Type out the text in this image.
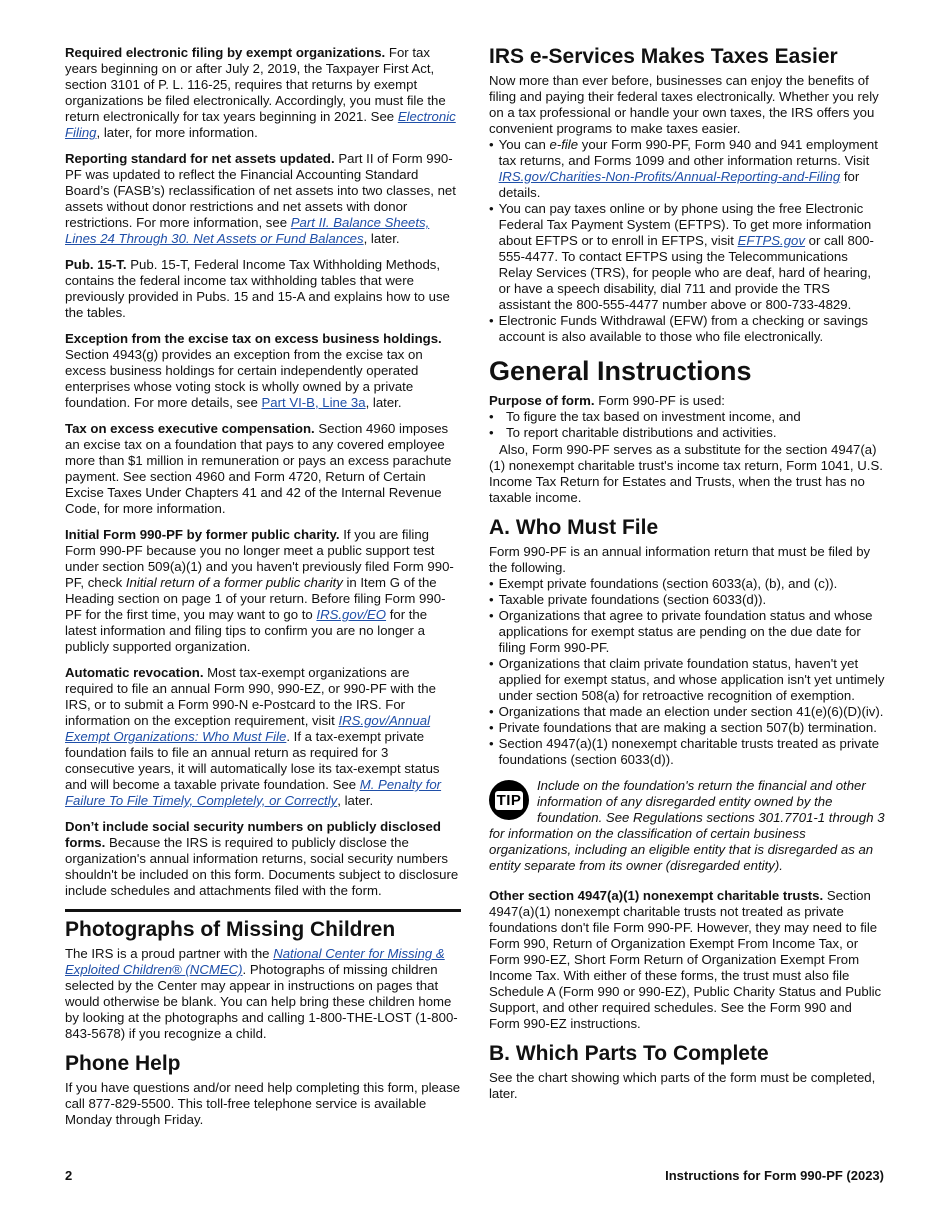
Required electronic filing by exempt organizations. For tax years beginning on or after July 2, 2019, the Taxpayer First Act, section 3101 of P. L. 116-25, requires that returns by exempt organizations be filed electronically. Accordingly, you must file the return electronically for tax years beginning in 2021. See Electronic Filing, later, for more information.

Reporting standard for net assets updated. Part II of Form 990-PF was updated to reflect the Financial Accounting Standard Board’s (FASB’s) reclassification of net assets into two classes, net assets without donor restrictions and net assets with donor restrictions. For more information, see Part II. Balance Sheets, Lines 24 Through 30. Net Assets or Fund Balances, later.

Pub. 15-T. Pub. 15-T, Federal Income Tax Withholding Methods, contains the federal income tax withholding tables that were previously provided in Pubs. 15 and 15-A and explains how to use the tables.

Exception from the excise tax on excess business holdings. Section 4943(g) provides an exception from the excise tax on excess business holdings for certain independently operated enterprises whose voting stock is wholly owned by a private foundation. For more details, see Part VI-B, Line 3a, later.

Tax on excess executive compensation. Section 4960 imposes an excise tax on a foundation that pays to any covered employee more than $1 million in remuneration or pays an excess parachute payment. See section 4960 and Form 4720, Return of Certain Excise Taxes Under Chapters 41 and 42 of the Internal Revenue Code, for more information.

Initial Form 990-PF by former public charity. If you are filing Form 990-PF because you no longer meet a public support test under section 509(a)(1) and you haven't previously filed Form 990-PF, check Initial return of a former public charity in Item G of the Heading section on page 1 of your return. Before filing Form 990-PF for the first time, you may want to go to IRS.gov/EO for the latest information and filing tips to confirm you are no longer a publicly supported organization.

Automatic revocation. Most tax-exempt organizations are required to file an annual Form 990, 990-EZ, or 990-PF with the IRS, or to submit a Form 990-N e-Postcard to the IRS. For information on the exception requirement, visit IRS.gov/Annual Exempt Organizations: Who Must File. If a tax-exempt private foundation fails to file an annual return as required for 3 consecutive years, it will automatically lose its tax-exempt status and will become a taxable private foundation. See M. Penalty for Failure To File Timely, Completely, or Correctly, later.

Don’t include social security numbers on publicly disclosed forms. Because the IRS is required to publicly disclose the organization's annual information returns, social security numbers shouldn't be included on this form. Documents subject to disclosure include schedules and attachments filed with the form.

Photographs of Missing Children

The IRS is a proud partner with the National Center for Missing & Exploited Children® (NCMEC). Photographs of missing children selected by the Center may appear in instructions on pages that would otherwise be blank. You can help bring these children home by looking at the photographs and calling 1-800-THE-LOST (1-800-843-5678) if you recognize a child.

Phone Help

If you have questions and/or need help completing this form, please call 877-829-5500. This toll-free telephone service is available Monday through Friday.

IRS e-Services Makes Taxes Easier

Now more than ever before, businesses can enjoy the benefits of filing and paying their federal taxes electronically. Whether you rely on a tax professional or handle your own taxes, the IRS offers you convenient programs to make taxes easier.

• You can e-file your Form 990-PF, Form 940 and 941 employment tax returns, and Forms 1099 and other information returns. Visit IRS.gov/Charities-Non-Profits/Annual-Reporting-and-Filing for details.
• You can pay taxes online or by phone using the free Electronic Federal Tax Payment System (EFTPS). To get more information about EFTPS or to enroll in EFTPS, visit EFTPS.gov or call 800-555-4477. To contact EFTPS using the Telecommunications Relay Services (TRS), for people who are deaf, hard of hearing, or have a speech disability, dial 711 and provide the TRS assistant the 800-555-4477 number above or 800-733-4829.
• Electronic Funds Withdrawal (EFW) from a checking or savings account is also available to those who file electronically.
General Instructions

Purpose of form. Form 990-PF is used:

• To figure the tax based on investment income, and
• To report charitable distributions and activities.

Also, Form 990-PF serves as a substitute for the section 4947(a)(1) nonexempt charitable trust's income tax return, Form 1041, U.S. Income Tax Return for Estates and Trusts, when the trust has no taxable income.

A. Who Must File

Form 990-PF is an annual information return that must be filed by the following.

• Exempt private foundations (section 6033(a), (b), and (c)).
• Taxable private foundations (section 6033(d)).
• Organizations that agree to private foundation status and whose applications for exempt status are pending on the due date for filing Form 990-PF.
• Organizations that claim private foundation status, haven't yet applied for exempt status, and whose application isn't yet untimely under section 508(a) for retroactive recognition of exemption.
• Organizations that made an election under section 41(e)(6)(D)(iv).
• Private foundations that are making a section 507(b) termination.
• Section 4947(a)(1) nonexempt charitable trusts treated as private foundations (section 6033(d)).
TIP
Include on the foundation's return the financial and other information of any disregarded entity owned by the foundation. See Regulations sections 301.7701-1 through 3 for information on the classification of certain business organizations, including an eligible entity that is disregarded as an entity separate from its owner (disregarded entity).

Other section 4947(a)(1) nonexempt charitable trusts. Section 4947(a)(1) nonexempt charitable trusts not treated as private foundations don't file Form 990-PF. However, they may need to file Form 990, Return of Organization Exempt From Income Tax, or Form 990-EZ, Short Form Return of Organization Exempt From Income Tax. With either of these forms, the trust must also file Schedule A (Form 990 or 990-EZ), Public Charity Status and Public Support, and other required schedules. See the Form 990 and Form 990-EZ instructions.

B. Which Parts To Complete

See the chart showing which parts of the form must be completed, later.

2	Instructions for Form 990-PF (2023)
